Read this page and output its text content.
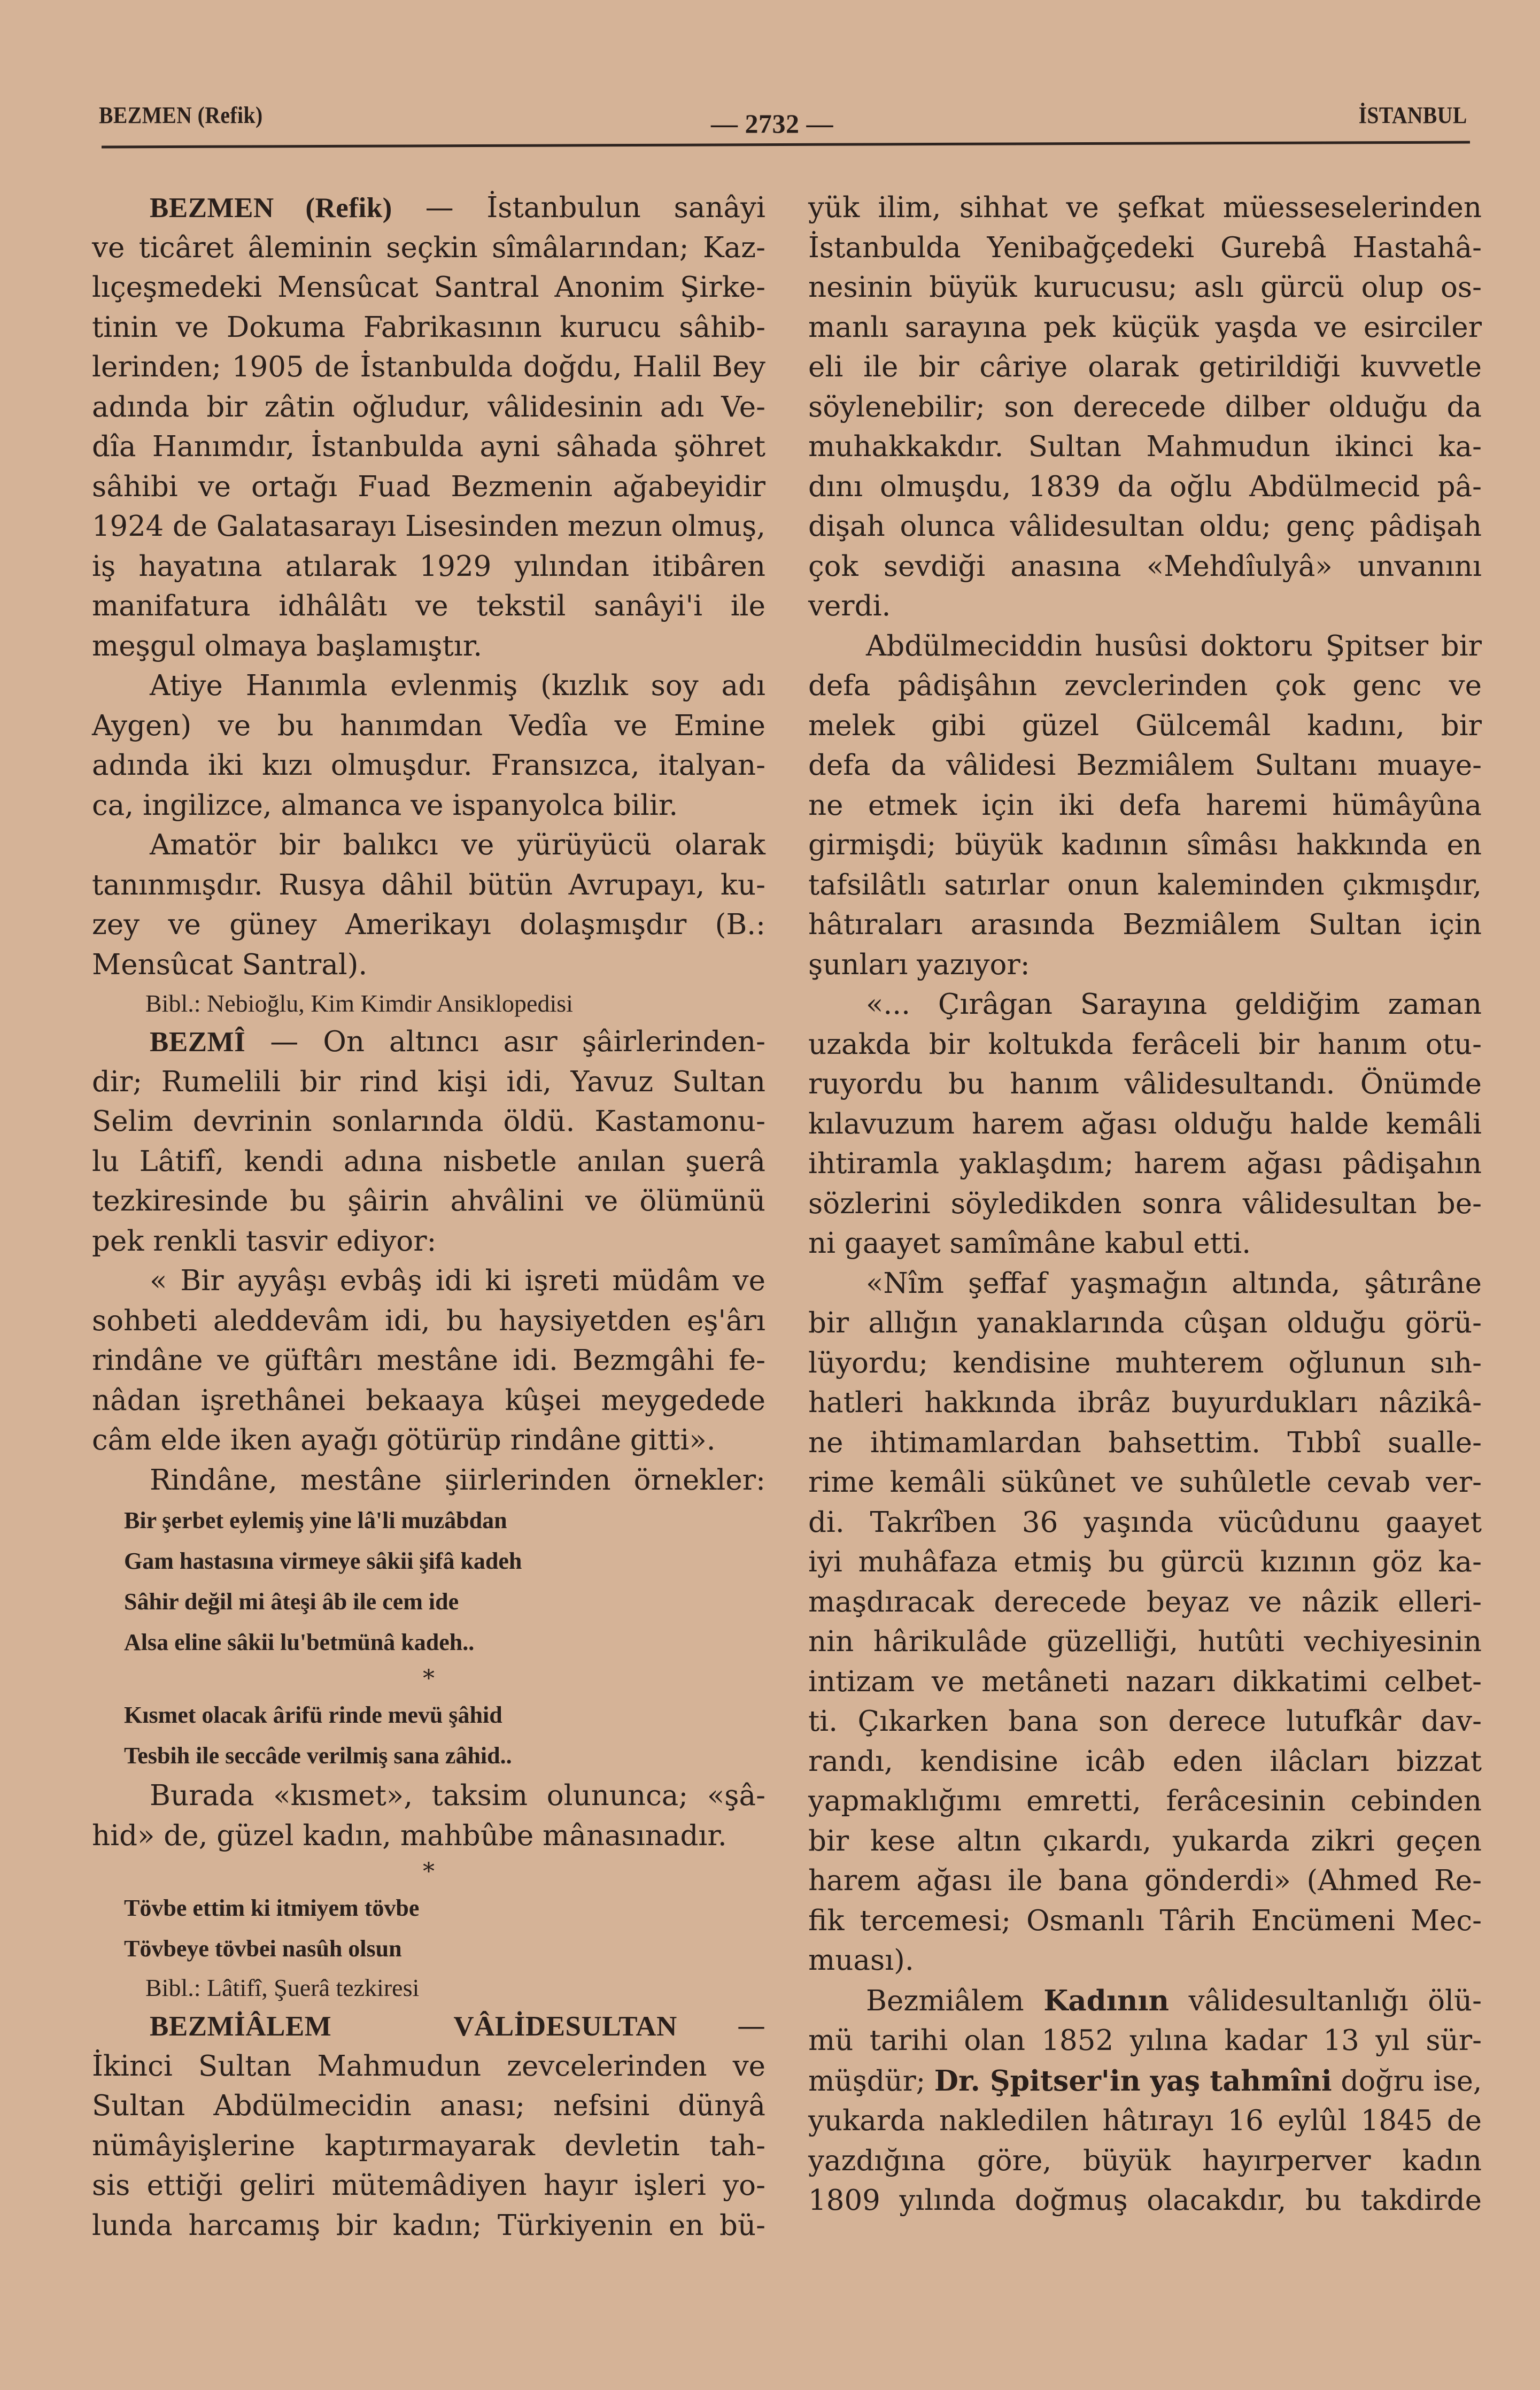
BEZMEN (Refik)	— 2732 —	İSTANBUL
BEZMEN (Refik) — İstanbulun sanâyi
ve ticâret âleminin seçkin sîmâlarından; Kaz-
lıçeşmedeki Mensûcat Santral Anonim Şirke-
tinin ve Dokuma Fabrikasının kurucu sâhib-
lerinden; 1905 de İstanbulda doğdu, Halil Bey
adında bir zâtin oğludur, vâlidesinin adı Ve-
dîa Hanımdır, İstanbulda ayni sâhada şöhret
sâhibi ve ortağı Fuad Bezmenin ağabeyidir
1924 de Galatasarayı Lisesinden mezun olmuş,
iş hayatına atılarak 1929 yılından itibâren
manifatura idhâlâtı ve tekstil sanâyi'i ile
meşgul olmaya başlamıştır.
Atiye Hanımla evlenmiş (kızlık soy adı
Aygen) ve bu hanımdan Vedîa ve Emine
adında iki kızı olmuşdur. Fransızca, italyan-
ca, ingilizce, almanca ve ispanyolca bilir.
Amatör bir balıkcı ve yürüyücü olarak
tanınmışdır. Rusya dâhil bütün Avrupayı, ku-
zey ve güney Amerikayı dolaşmışdır (B.:
Mensûcat Santral).
Bibl.: Nebioğlu, Kim Kimdir Ansiklopedisi
BEZMÎ — On altıncı asır şâirlerinden-
dir; Rumelili bir rind kişi idi, Yavuz Sultan
Selim devrinin sonlarında öldü. Kastamonu-
lu Lâtifî, kendi adına nisbetle anılan şuerâ
tezkiresinde bu şâirin ahvâlini ve ölümünü
pek renkli tasvir ediyor:
« Bir ayyâşı evbâş idi ki işreti müdâm ve
sohbeti aleddevâm idi, bu haysiyetden eş'ârı
rindâne ve güftârı mestâne idi. Bezmgâhi fe-
nâdan işrethânei bekaaya kûşei meygedede
câm elde iken ayağı götürüp rindâne gitti».
Rindâne, mestâne şiirlerinden örnekler:
Bir şerbet eylemiş yine lâ'li muzâbdan
Gam hastasına virmeye sâkii şifâ kadeh
Sâhir değil mi âteşi âb ile cem ide
Alsa eline sâkii lu'betmünâ kadeh..
*
Kısmet olacak ârifü rinde mevü şâhid
Tesbih ile seccâde verilmiş sana zâhid..
Burada «kısmet», taksim olununca; «şâ-
hid» de, güzel kadın, mahbûbe mânasınadır.
*
Tövbe ettim ki itmiyem tövbe
Tövbeye tövbei nasûh olsun
Bibl.: Lâtifî, Şuerâ tezkiresi
BEZMİÂLEM VÂLİDESULTAN —
İkinci Sultan Mahmudun zevcelerinden ve
Sultan Abdülmecidin anası; nefsini dünyâ
nümâyişlerine kaptırmayarak devletin tah-
sis ettiği geliri mütemâdiyen hayır işleri yo-
lunda harcamış bir kadın; Türkiyenin en bü-
yük ilim, sihhat ve şefkat müesseselerinden
İstanbulda Yenibağçedeki Gurebâ Hastahâ-
nesinin büyük kurucusu; aslı gürcü olup os-
manlı sarayına pek küçük yaşda ve esirciler
eli ile bir câriye olarak getirildiği kuvvetle
söylenebilir; son derecede dilber olduğu da
muhakkakdır. Sultan Mahmudun ikinci ka-
dını olmuşdu, 1839 da oğlu Abdülmecid pâ-
dişah olunca vâlidesultan oldu; genç pâdişah
çok sevdiği anasına «Mehdîulyâ» unvanını
verdi.
Abdülmeciddin husûsi doktoru Şpitser bir
defa pâdişâhın zevclerinden çok genc ve
melek gibi güzel Gülcemâl kadını, bir
defa da vâlidesi Bezmiâlem Sultanı muaye-
ne etmek için iki defa haremi hümâyûna
girmişdi; büyük kadının sîmâsı hakkında en
tafsilâtlı satırlar onun kaleminden çıkmışdır,
hâtıraları arasında Bezmiâlem Sultan için
şunları yazıyor:
«... Çırâgan Sarayına geldiğim zaman
uzakda bir koltukda ferâceli bir hanım otu-
ruyordu bu hanım vâlidesultandı. Önümde
kılavuzum harem ağası olduğu halde kemâli
ihtiramla yaklaşdım; harem ağası pâdişahın
sözlerini söyledikden sonra vâlidesultan be-
ni gaayet samîmâne kabul etti.
«Nîm şeffaf yaşmağın altında, şâtırâne
bir allığın yanaklarında cûşan olduğu görü-
lüyordu; kendisine muhterem oğlunun sıh-
hatleri hakkında ibrâz buyurdukları nâzikâ-
ne ihtimamlardan bahsettim. Tıbbî sualle-
rime kemâli sükûnet ve suhûletle cevab ver-
di. Takrîben 36 yaşında vücûdunu gaayet
iyi muhâfaza etmiş bu gürcü kızının göz ka-
maşdıracak derecede beyaz ve nâzik elleri-
nin hârikulâde güzelliği, hutûti vechiyesinin
intizam ve metâneti nazarı dikkatimi celbet-
ti. Çıkarken bana son derece lutufkâr dav-
randı, kendisine icâb eden ilâcları bizzat
yapmaklığımı emretti, ferâcesinin cebinden
bir kese altın çıkardı, yukarda zikri geçen
harem ağası ile bana gönderdi» (Ahmed Re-
fik tercemesi; Osmanlı Târih Encümeni Mec-
muası).
Bezmiâlem Kadının vâlidesultanlığı ölü-
mü tarihi olan 1852 yılına kadar 13 yıl sür-
müşdür; Dr. Şpitser'in yaş tahmîni doğru ise,
yukarda nakledilen hâtırayı 16 eylûl 1845 de
yazdığına göre, büyük hayırperver kadın
1809 yılında doğmuş olacakdır, bu takdirde
